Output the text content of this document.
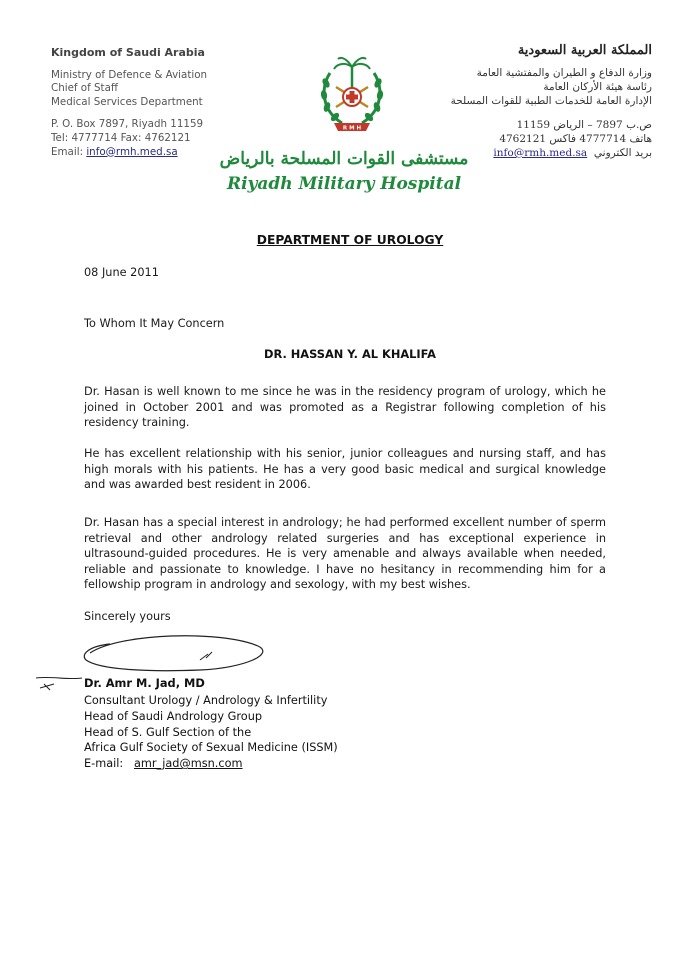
Kingdom of Saudi Arabia
Ministry of Defence & Aviation
Chief of Staff
Medical Services Department
P. O. Box 7897, Riyadh 11159
Tel: 4777714 Fax: 4762121
Email: info@rmh.med.sa
المملكة العربية السعودية
وزارة الدفاع و الطيران والمفتشية العامة
رئاسة هيئة الأركان العامة
الإدارة العامة للخدمات الطبية للقوات المسلحة
ص.ب 7897 – الرياض 11159
هاتف 4777714 فاكس 4762121
بريد الكتروني  info@rmh.med.sa
R M H
مستشفى القوات المسلحة بالرياض
Riyadh Military Hospital
DEPARTMENT OF UROLOGY
08 June 2011
To Whom It May Concern
DR. HASSAN Y. AL KHALIFA
Dr. Hasan is well known to me since he was in the residency program of urology, which he joined in October 2001 and was promoted as a Registrar following completion of his residency training.
He has excellent relationship with his senior, junior colleagues and nursing staff, and has high morals with his patients. He has a very good basic medical and surgical knowledge and was awarded best resident in 2006.
Dr. Hasan has a special interest in andrology; he had performed excellent number of sperm retrieval and other andrology related surgeries and has exceptional experience in ultrasound-guided procedures. He is very amenable and always available when needed, reliable and passionate to knowledge. I have no hesitancy in recommending him for a fellowship program in andrology and sexology, with my best wishes.
Sincerely yours
Dr. Amr M. Jad, MD
Consultant Urology / Andrology & Infertility
Head of Saudi Andrology Group
Head of S. Gulf Section of the
Africa Gulf Society of Sexual Medicine (ISSM)
E-mail:   amr_jad@msn.com
